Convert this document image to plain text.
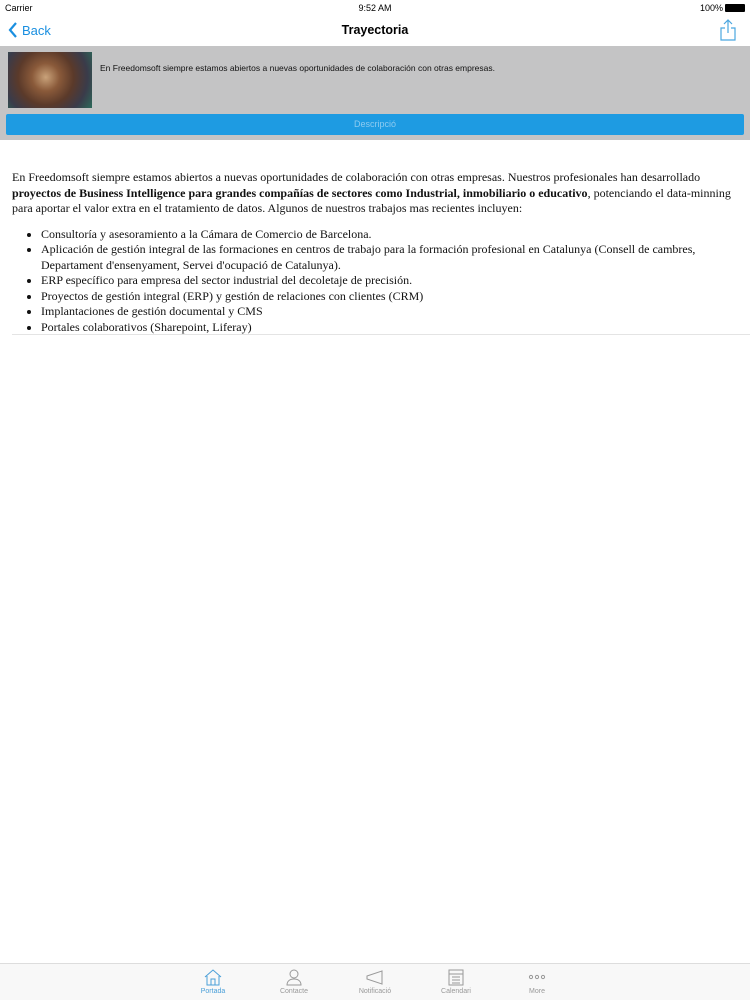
Carrier	9:52 AM	100%
Back	Trayectoria
En Freedomsoft siempre estamos abiertos a nuevas oportunidades de colaboración con otras empresas.
Descripció

En Freedomsoft siempre estamos abiertos a nuevas oportunidades de colaboración con otras empresas. Nuestros profesionales han desarrollado proyectos de Business Intelligence para grandes compañías de sectores como Industrial, inmobiliario o educativo, potenciando el data-minning para aportar el valor extra en el tratamiento de datos. Algunos de nuestros trabajos mas recientes incluyen:

• Consultoría y asesoramiento a la Cámara de Comercio de Barcelona.
• Aplicación de gestión integral de las formaciones en centros de trabajo para la formación profesional en Catalunya (Consell de cambres, Departament d'ensenyament, Servei d'ocupació de Catalunya).
• ERP específico para empresa del sector industrial del decoletaje de precisión.
• Proyectos de gestión integral (ERP) y gestión de relaciones con clientes (CRM)
• Implantaciones de gestión documental y CMS
• Portales colaborativos (Sharepoint, Liferay)
Portada	Contacte	Notificació	Calendari	More
